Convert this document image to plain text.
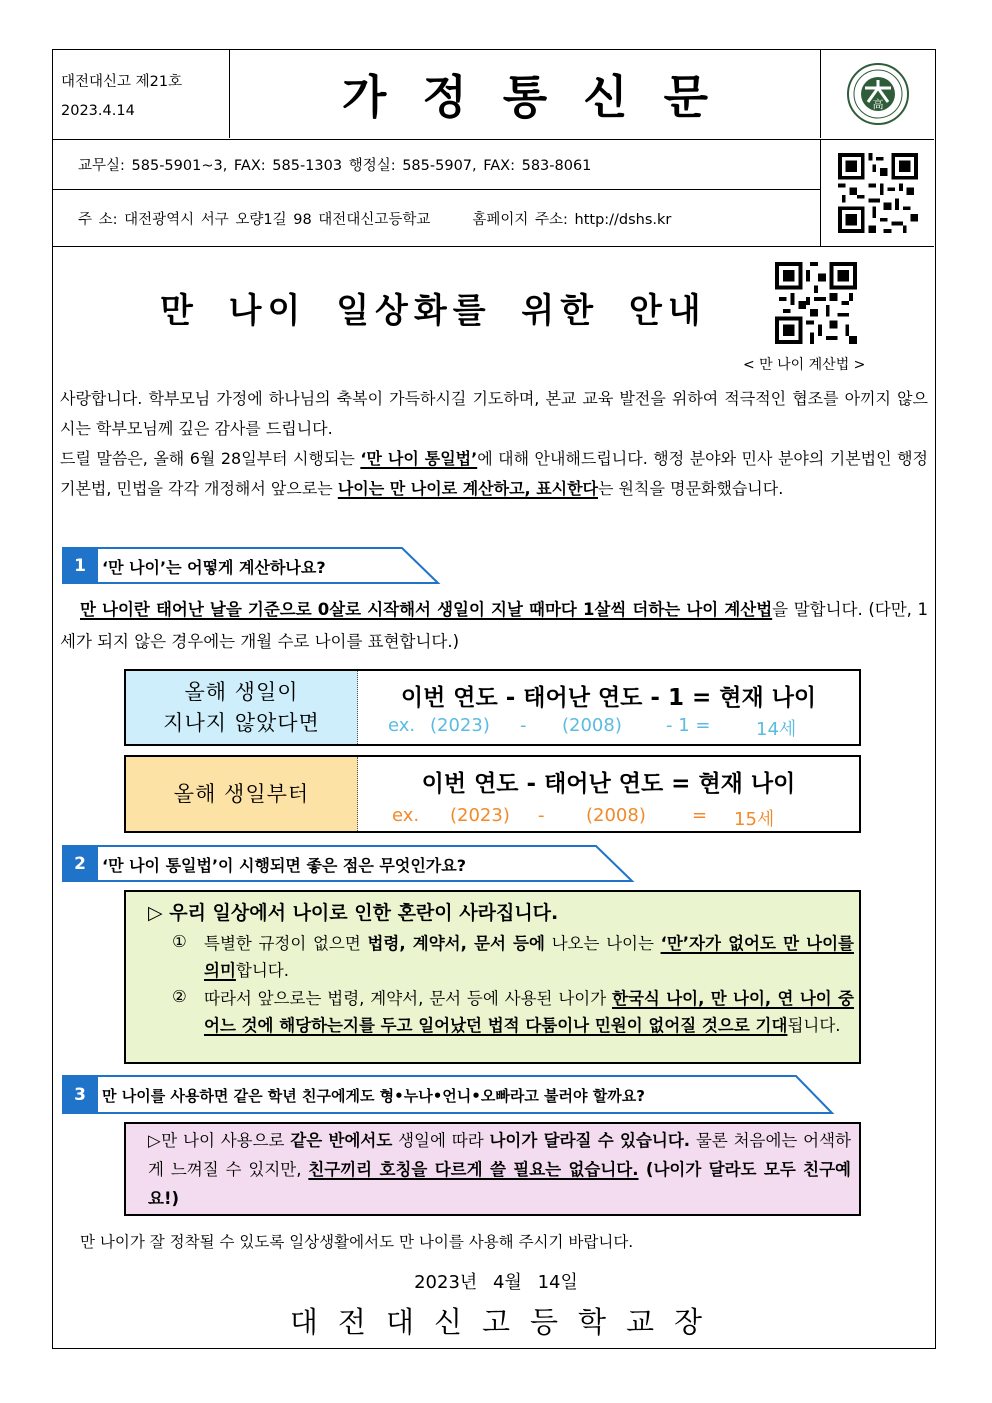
대전대신고 제21호
2023.4.14	가정통신문	高
교무실: 585-5901~3, FAX: 585-1303 행정실: 585-5907, FAX: 583-8061
주 소: 대전광역시 서구 오량1길 98 대전대신고등학교	홈페이지 주소: http://dshs.kr
만 나이 일상화를 위한 안내
< 만 나이 계산법 >
사랑합니다. 학부모님 가정에 하나님의 축복이 가득하시길 기도하며, 본교 교육 발전을 위하여 적극적인 협조를 아끼지 않으시는 학부모님께 깊은 감사를 드립니다.
드릴 말씀은, 올해 6월 28일부터 시행되는 ‘만 나이 통일법’에 대해 안내해드립니다. 행정 분야와 민사 분야의 기본법인 행정기본법, 민법을 각각 개정해서 앞으로는 나이는 만 나이로 계산하고, 표시한다는 원칙을 명문화했습니다.
1	‘만 나이’는 어떻게 계산하나요?
만 나이란 태어난 날을 기준으로 0살로 시작해서 생일이 지날 때마다 1살씩 더하는 나이 계산법을 말합니다. (다만, 1세가 되지 않은 경우에는 개월 수로 나이를 표현합니다.)
올해 생일이
지나지 않았다면
이번 연도 - 태어난 연도 - 1 = 현재 나이
ex. (2023) - (2008) - 1 =	14세
올해 생일부터	이번 연도 - 태어난 연도 = 현재 나이
ex. (2023) - (2008)	= 15세
2	‘만 나이 통일법’이 시행되면 좋은 점은 무엇인가요?
▷ 우리 일상에서 나이로 인한 혼란이 사라집니다.
①	특별한 규정이 없으면 법령, 계약서, 문서 등에 나오는 나이는 ‘만’자가 없어도 만 나이를 의미합니다.
②	따라서 앞으로는 법령, 계약서, 문서 등에 사용된 나이가 한국식 나이, 만 나이, 연 나이 중 어느 것에 해당하는지를 두고 일어났던 법적 다툼이나 민원이 없어질 것으로 기대됩니다.
3	만 나이를 사용하면 같은 학년 친구에게도 형•누나•언니•오빠라고 불러야 할까요?
▷만 나이 사용으로 같은 반에서도 생일에 따라 나이가 달라질 수 있습니다. 물론 처음에는 어색하게 느껴질 수 있지만, 친구끼리 호칭을 다르게 쓸 필요는 없습니다. (나이가 달라도 모두 친구예요!)
만 나이가 잘 정착될 수 있도록 일상생활에서도 만 나이를 사용해 주시기 바랍니다.
2023년 4월 14일
대전대신고등학교장
